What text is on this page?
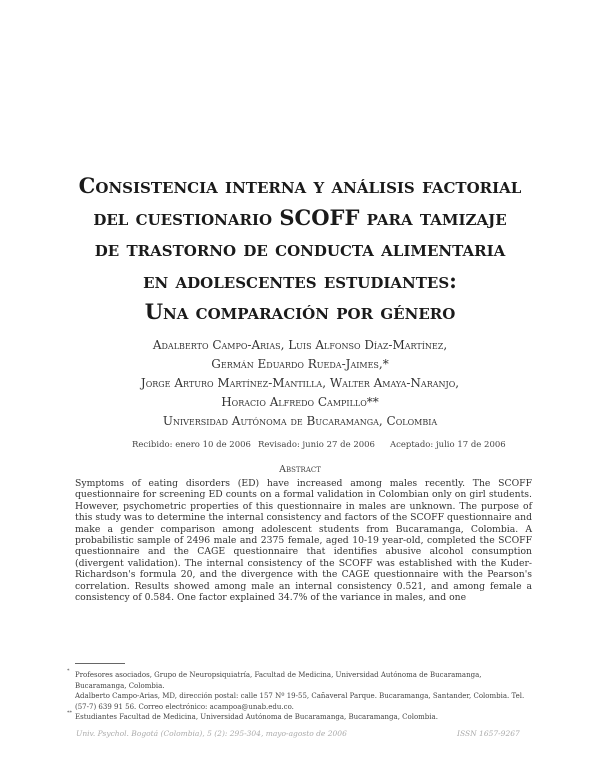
Consistencia interna y análisis factorial
del cuestionario SCOFF para tamizaje
de trastorno de conducta alimentaria
en adolescentes estudiantes:
Una comparación por género
Adalberto Campo-Arias, Luis Alfonso Díaz-Martínez,
Germán Eduardo Rueda-Jaimes,*
Jorge Arturo Martínez-Mantilla, Walter Amaya-Naranjo,
Horacio Alfredo Campillo**
Universidad Autónoma de Bucaramanga, Colombia
Recibido: enero 10 de 2006 Revisado: junio 27 de 2006 Aceptado: julio 17 de 2006
Abstract
Symptoms of eating disorders (ED) have increased among males recently. The SCOFF questionnaire for screening ED counts on a formal validation in Colombian only on girl students. However, psychometric properties of this questionnaire in males are unknown. The purpose of this study was to determine the internal consistency and factors of the SCOFF questionnaire and make a gender comparison among adolescent students from Bucaramanga, Colombia. A probabilistic sample of 2496 male and 2375 female, aged 10-19 year-old, completed the SCOFF questionnaire and the CAGE questionnaire that identifies abusive alcohol consumption (divergent validation). The internal consistency of the SCOFF was established with the Kuder-Richardson's formula 20, and the divergence with the CAGE questionnaire with the Pearson's correlation. Results showed among male an internal consistency 0.521, and among female a consistency of 0.584. One factor explained 34.7% of the variance in males, and one

* Profesores asociados, Grupo de Neuropsiquiatría, Facultad de Medicina, Universidad Autónoma de Bucaramanga, Bucaramanga, Colombia.

Adalberto Campo-Arias, MD, dirección postal: calle 157 Nº 19-55, Cañaveral Parque. Bucaramanga, Santander, Colombia. Tel. (57-7) 639 91 56. Correo electrónico: acampoa@unab.edu.co.

** Estudiantes Facultad de Medicina, Universidad Autónoma de Bucaramanga, Bucaramanga, Colombia.

Univ. Psychol. Bogotá (Colombia), 5 (2): 295-304, mayo-agosto de 2006	ISSN 1657-9267
